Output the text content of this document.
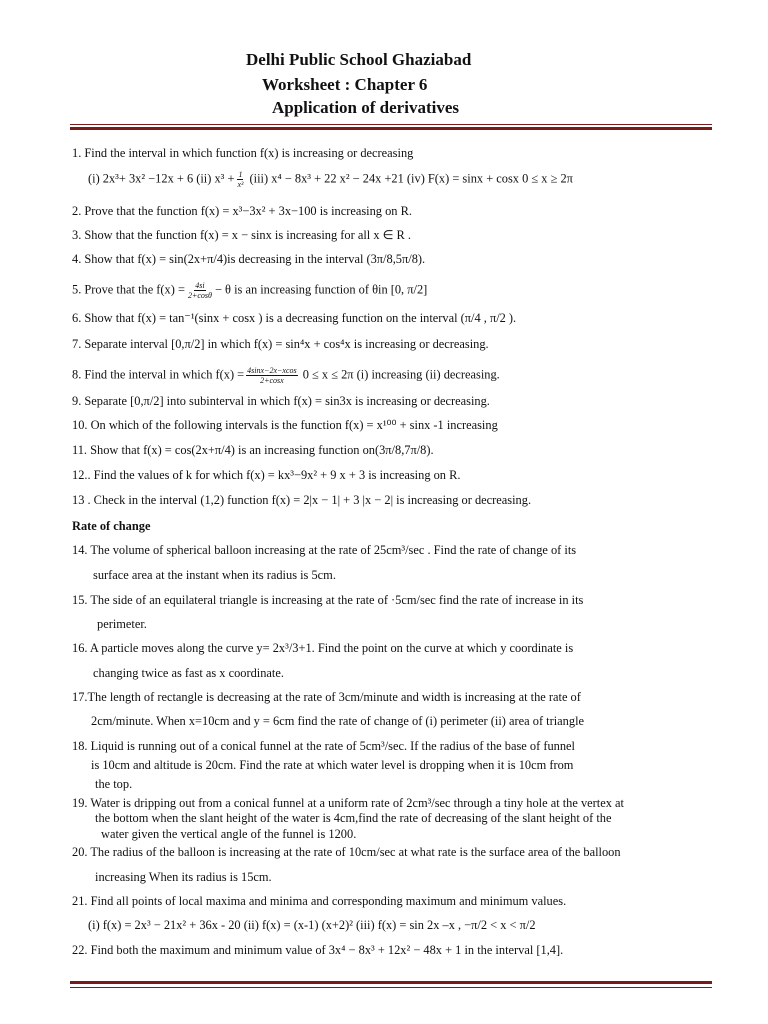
Delhi Public School Ghaziabad
Worksheet : Chapter 6
Application of derivatives
1. Find the interval in which function f(x) is increasing or decreasing
(i) 2x³+ 3x² −12x + 6 (ii) $x^3 + \frac{1}{\text{x³}} (iii) x^4 - 8x^3 + 22$ x² − 24x +21 (iv) F(x) = sinx + cosx 0 ≤ x ≥ 2π
2. Prove that the function f(x) = x³−3x² + 3x−100 is increasing on R.
3. Show that the function f(x) = x − sinx is increasing for all x ∈ R .
4. Show that f(x) = sin(2x+π/4)is decreasing in the interval (3π/8,5π/8).
5. Prove that the $f(x) = \frac{4si}{2+\cos\theta} - \theta$ is an increasing function of θin [0, π/2]
6. Show that f(x) = tan⁻¹(sinx + cosx ) is a decreasing function on the interval (π/4 , π/2 ).
7. Separate interval [0,π/2] in which f(x) = sin⁴x + cos⁴x is increasing or decreasing.
8. Find the interval in which $f(x) = \frac{4\sin x-2x-xcos}{2+\cos x} 0 \le x \le 2\pi$ (i) increasing (ii) decreasing.
9. Separate [0,π/2] into subinterval in which f(x) = sin3x is increasing or decreasing.
10. On which of the following intervals is the function f(x) = x¹⁰⁰ + sinx -1 increasing
11. Show that f(x) = cos(2x+π/4) is an increasing function on(3π/8,7π/8).
12.. Find the values of k for which f(x) = kx³−9x² + 9 x + 3 is increasing on R.
13 . Check in the interval (1,2) function f(x) = 2|x − 1| + 3 |x − 2| is increasing or decreasing.
Rate of change
14. The volume of spherical balloon increasing at the rate of 25cm³/sec . Find the rate of change of its
surface area at the instant when its radius is 5cm.
15. The side of an equilateral triangle is increasing at the rate of ·5cm/sec find the rate of increase in its
perimeter.
16. A particle moves along the curve y= 2x³/3+1. Find the point on the curve at which y coordinate is
changing twice as fast as x coordinate.
17.The length of rectangle is decreasing at the rate of 3cm/minute and width is increasing at the rate of
2cm/minute. When x=10cm and y = 6cm find the rate of change of (i) perimeter (ii) area of triangle
18. Liquid is running out of a conical funnel at the rate of 5cm³/sec. If the radius of the base of funnel
is 10cm and altitude is 20cm. Find the rate at which water level is dropping when it is 10cm from
the top.
19. Water is dripping out from a conical funnel at a uniform rate of 2cm³/sec through a tiny hole at the vertex at
the bottom when the slant height of the water is 4cm,find the rate of decreasing of the slant height of the
water given the vertical angle of the funnel is 1200.
20. The radius of the balloon is increasing at the rate of 10cm/sec at what rate is the surface area of the balloon
increasing When its radius is 15cm.
21. Find all points of local maxima and minima and corresponding maximum and minimum values.
(i) f(x) = 2x³ − 21x² + 36x - 20 (ii) f(x) = (x-1) (x+2)² (iii) f(x) = sin 2x –x , −π/2 < x < π/2
22. Find both the maximum and minimum value of 3x⁴ − 8x³ + 12x² − 48x + 1 in the interval [1,4].
